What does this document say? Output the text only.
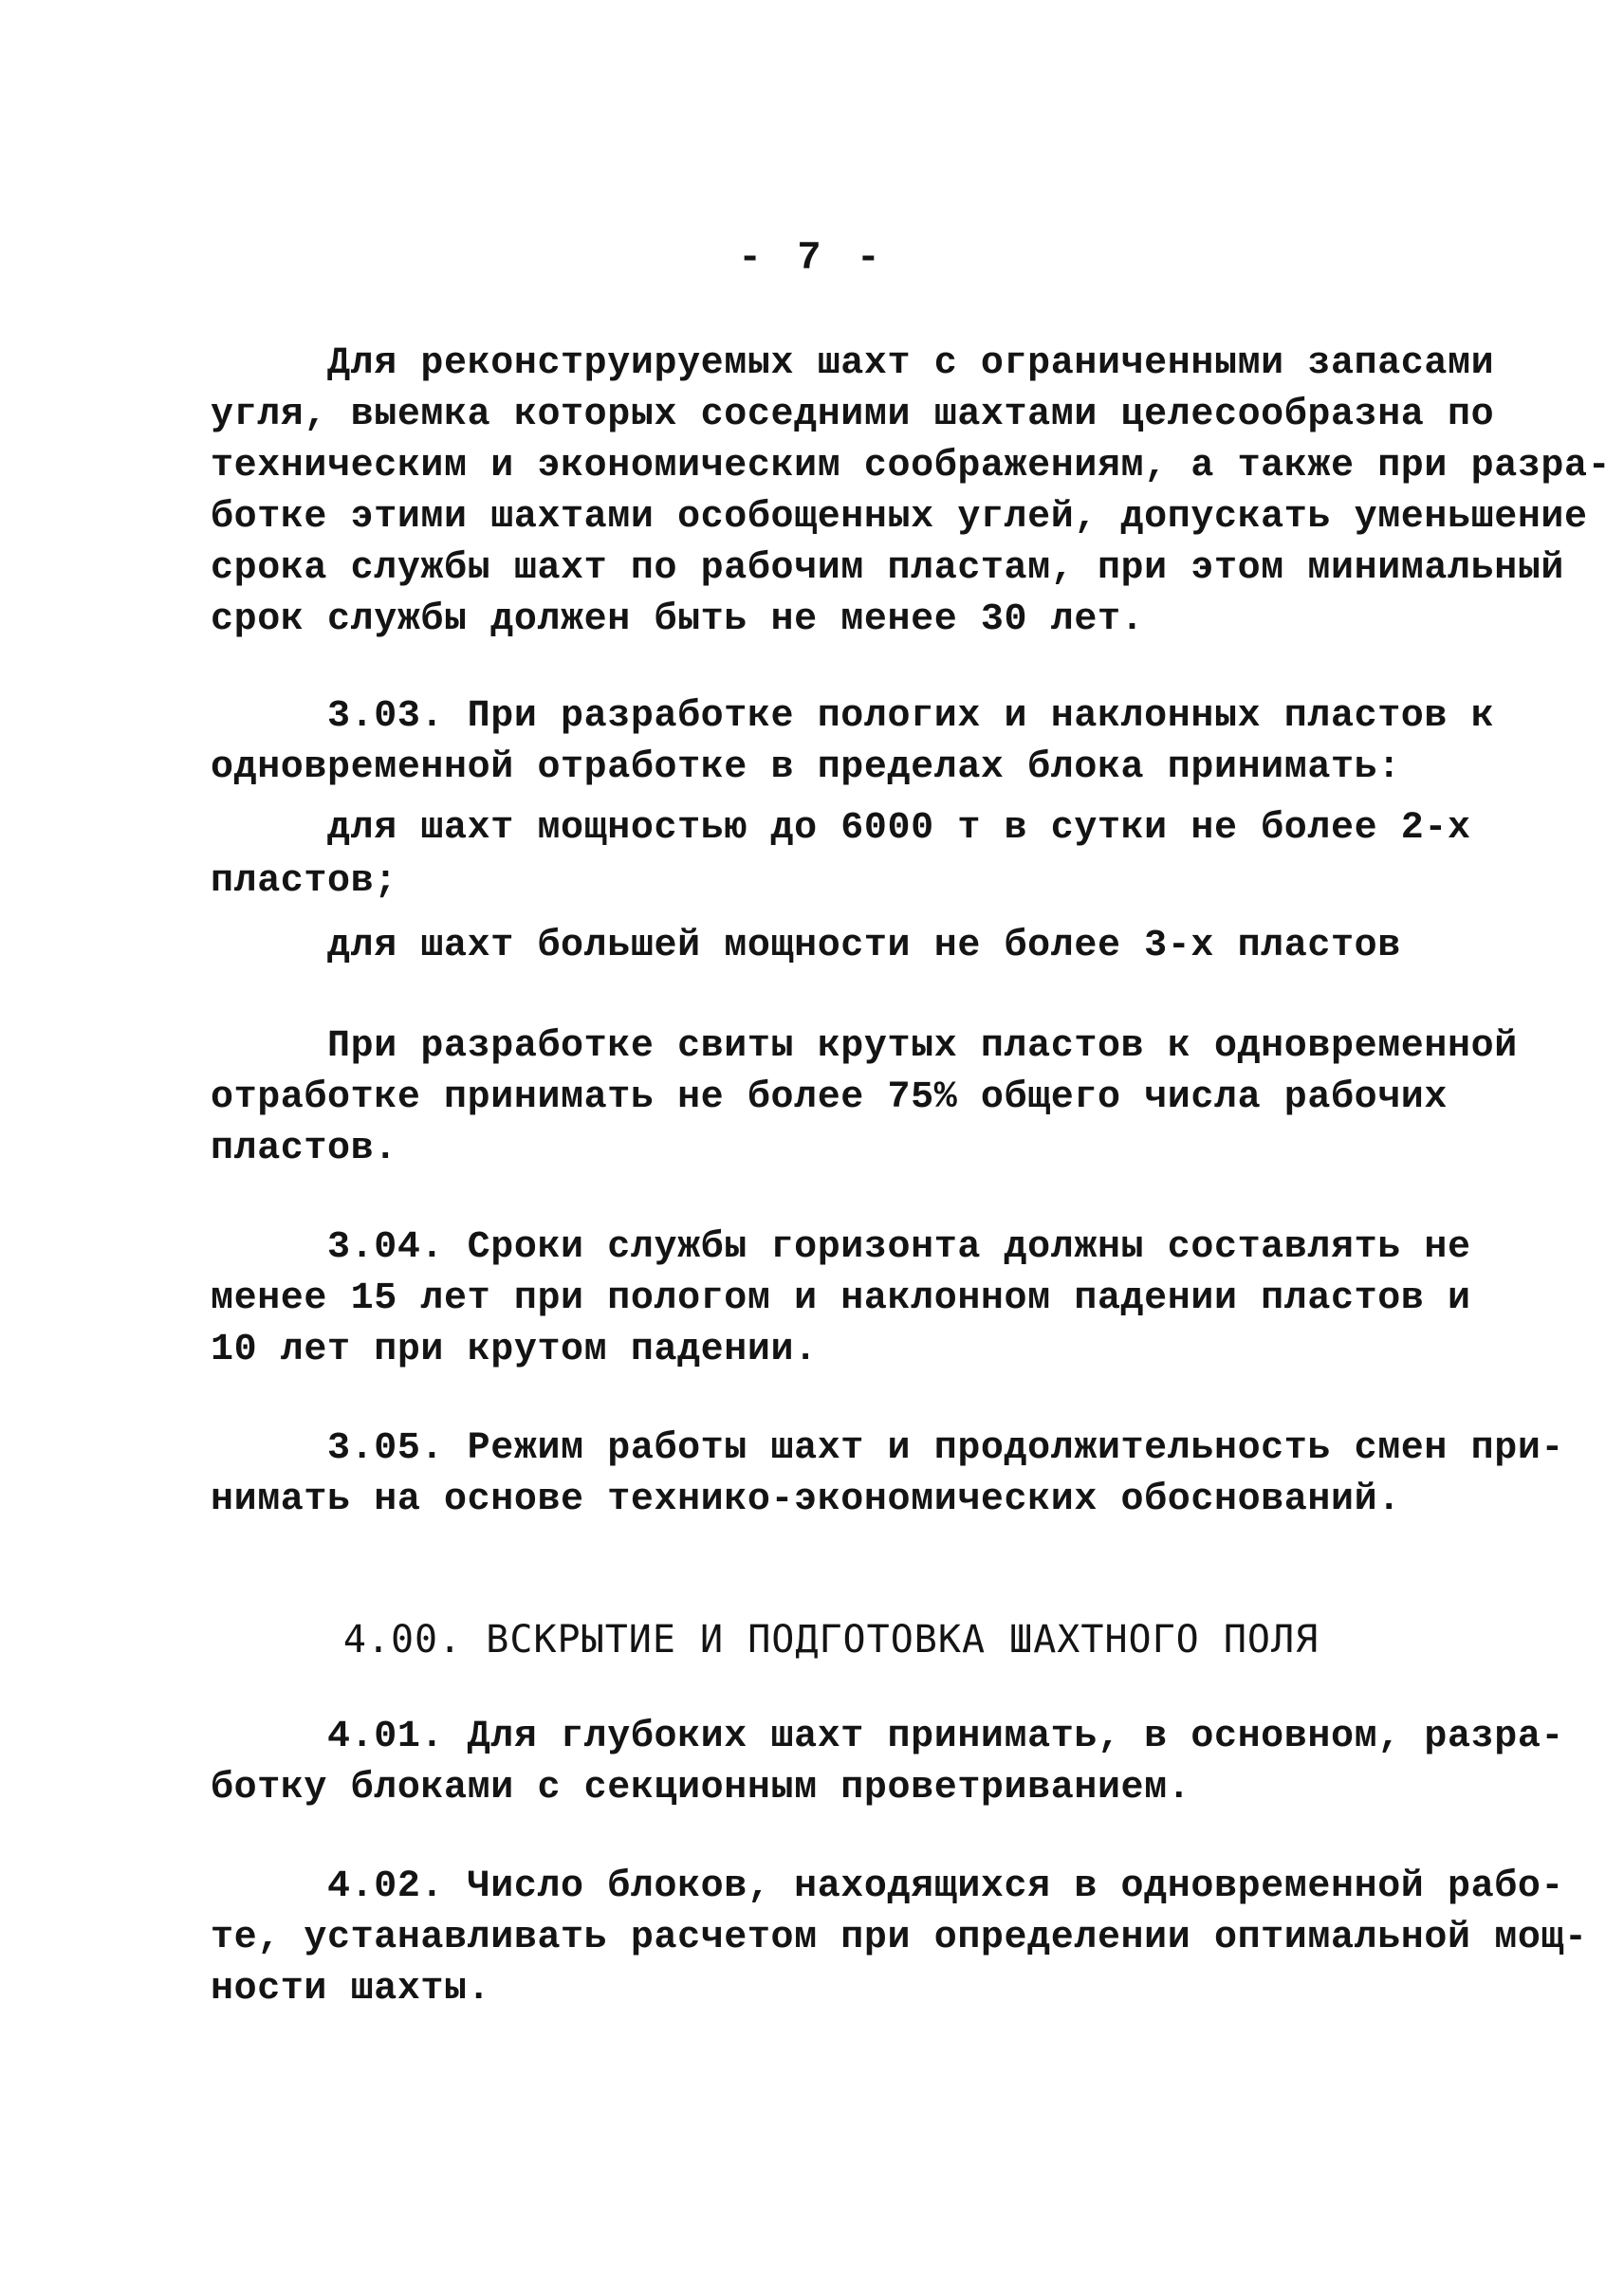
- 7 -

Для реконструируемых шахт с ограниченными запасами

угля, выемка которых соседними шахтами целесообразна по

техническим и экономическим соображениям, а также при разра-

ботке этими шахтами особощенных углей, допускать уменьшение

срока службы шахт по рабочим пластам, при этом минимальный

срок службы должен быть не менее 30 лет.

3.03. При разработке пологих и наклонных пластов к

одновременной отработке в пределах блока принимать:

для шахт мощностью до 6000 т в сутки не более 2-х

пластов;

для шахт большей мощности не более 3-х пластов

При разработке свиты крутых пластов к одновременной

отработке принимать не более 75% общего числа рабочих

пластов.

3.04. Сроки службы горизонта должны составлять не

менее 15 лет при пологом и наклонном падении пластов и

10 лет при крутом падении.

3.05. Режим работы шахт и продолжительность смен при-

нимать на основе технико-экономических обоснований.

4.00. ВСКРЫТИЕ И ПОДГОТОВКА ШАХТНОГО ПОЛЯ

4.01. Для глубоких шахт принимать, в основном, разра-

ботку блоками с секционным проветриванием.

4.02. Число блоков, находящихся в одновременной рабо-

те, устанавливать расчетом при определении оптимальной мощ-

ности шахты.
